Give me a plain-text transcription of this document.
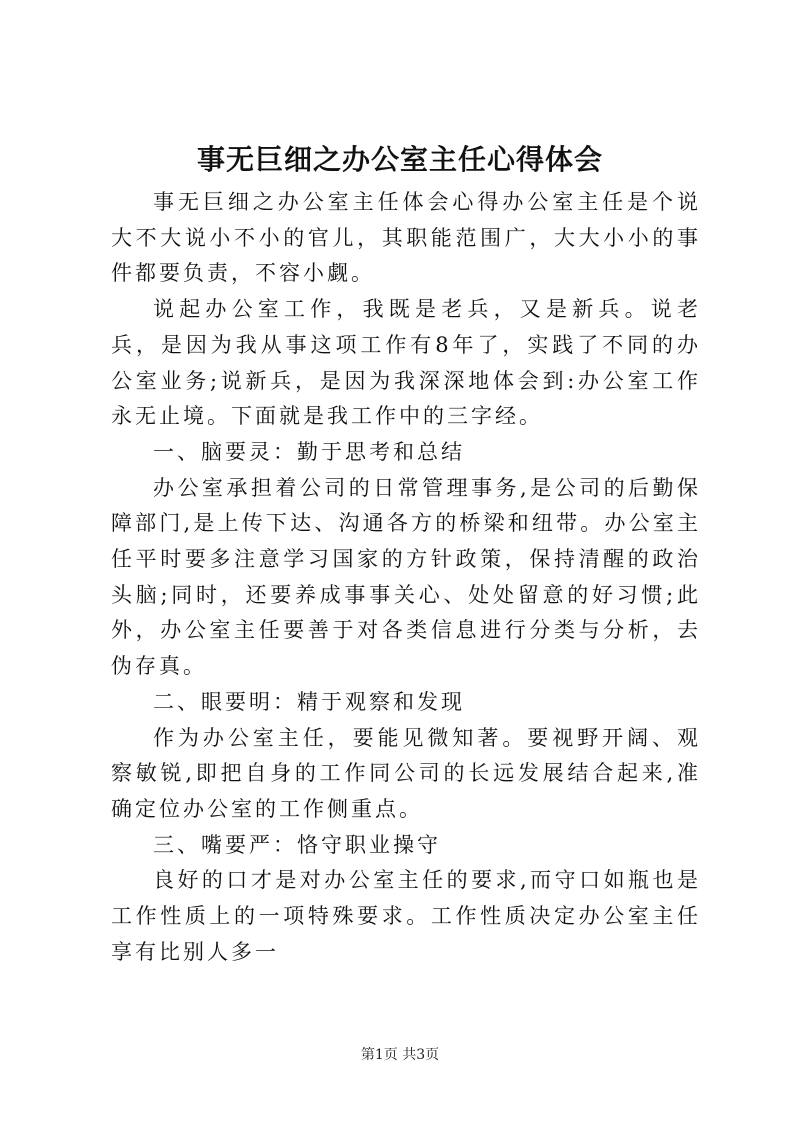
事无巨细之办公室主任心得体会

事无巨细之办公室主任体会心得办公室主任是个说大不大说小不小的官儿，其职能范围广，大大小小的事件都要负责，不容小觑。

说起办公室工作，我既是老兵，又是新兵。说老兵，是因为我从事这项工作有8年了，实践了不同的办公室业务;说新兵，是因为我深深地体会到:办公室工作永无止境。下面就是我工作中的三字经。

一、脑要灵：勤于思考和总结

办公室承担着公司的日常管理事务,是公司的后勤保障部门,是上传下达、沟通各方的桥梁和纽带。办公室主任平时要多注意学习国家的方针政策，保持清醒的政治头脑;同时，还要养成事事关心、处处留意的好习惯;此外，办公室主任要善于对各类信息进行分类与分析，去伪存真。

二、眼要明：精于观察和发现

作为办公室主任，要能见微知著。要视野开阔、观察敏锐,即把自身的工作同公司的长远发展结合起来,准确定位办公室的工作侧重点。

三、嘴要严：恪守职业操守

良好的口才是对办公室主任的要求,而守口如瓶也是工作性质上的一项特殊要求。工作性质决定办公室主任享有比别人多一

第1页 共3页
